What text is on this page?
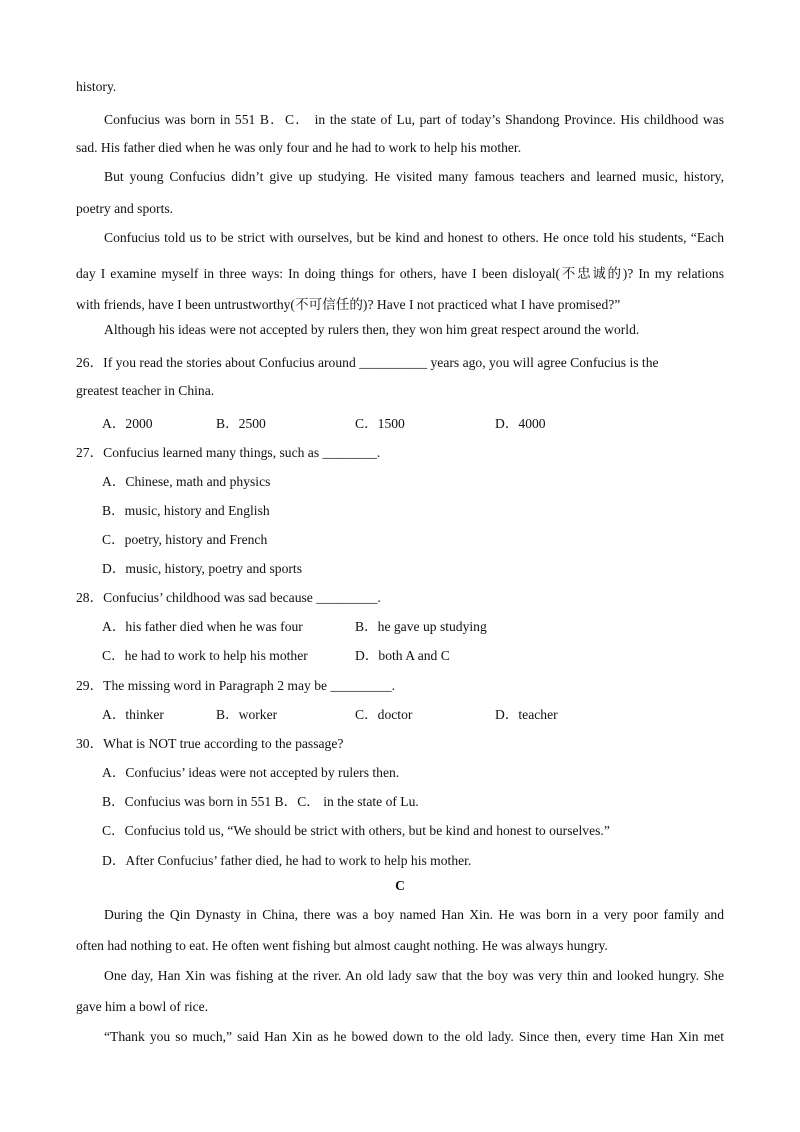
history.
Confucius was born in 551 B．C． in the state of Lu, part of today’s Shandong Province. His childhood was
sad. His father died when he was only four and he had to work to help his mother.
But young Confucius didn’t give up studying. He visited many famous teachers and learned music, history,
poetry and sports.
Confucius told us to be strict with ourselves, but be kind and honest to others. He once told his students, “Each
day I examine myself in three ways: In doing things for others, have I been disloyal(不忠诚的)? In my relations
with friends, have I been untrustworthy(不可信任的)? Have I not practiced what I have promised?”
Although his ideas were not accepted by rulers then, they won him great respect around the world.
26．If you read the stories about Confucius around __________ years ago, you will agree Confucius is the
greatest teacher in China.
A．2000	B．2500	C．1500	D．4000
27．Confucius learned many things, such as ________.
A．Chinese, math and physics
B．music, history and English
C．poetry, history and French
D．music, history, poetry and sports
28．Confucius’ childhood was sad because _________.
A．his father died when he was four	B．he gave up studying
C．he had to work to help his mother	D．both A and C
29．The missing word in Paragraph 2 may be _________.
A．thinker	B．worker	C．doctor	D．teacher
30．What is NOT true according to the passage?
A．Confucius’ ideas were not accepted by rulers then.
B．Confucius was born in 551 B．C． in the state of Lu.
C．Confucius told us, “We should be strict with others, but be kind and honest to ourselves.”
D．After Confucius’ father died, he had to work to help his mother.
C
During the Qin Dynasty in China, there was a boy named Han Xin. He was born in a very poor family and
often had nothing to eat. He often went fishing but almost caught nothing. He was always hungry.
One day, Han Xin was fishing at the river. An old lady saw that the boy was very thin and looked hungry. She
gave him a bowl of rice.
“Thank you so much,” said Han Xin as he bowed down to the old lady. Since then, every time Han Xin met
